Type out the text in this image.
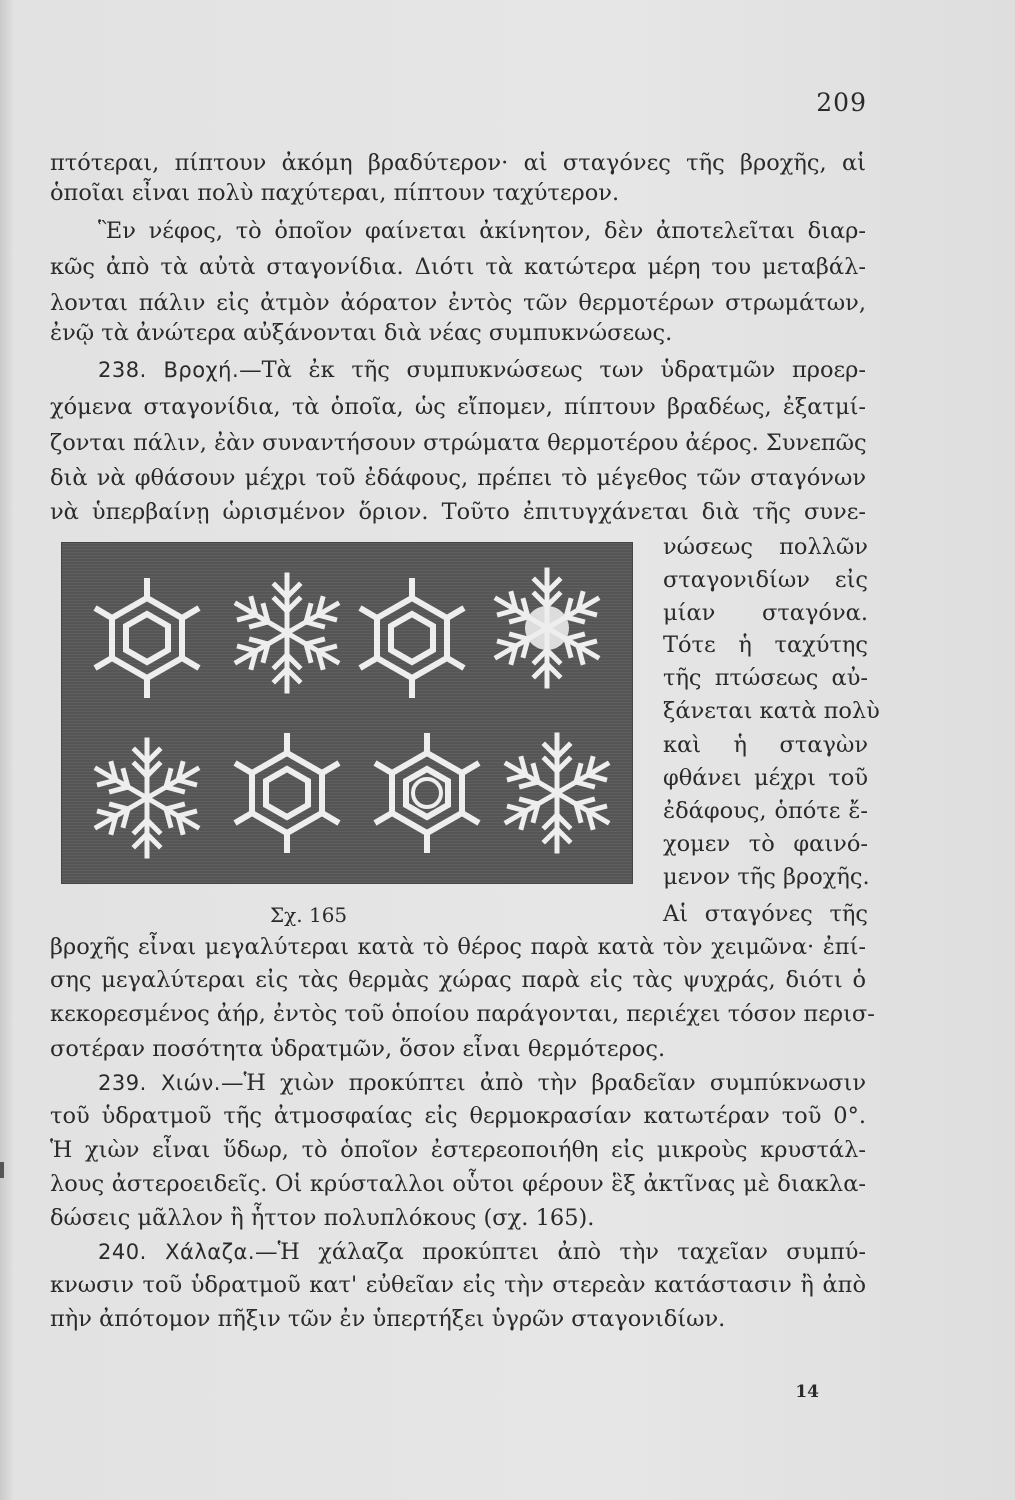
209
πτότεραι, πίπτουν ἀκόμη βραδύτερον· αἱ σταγόνες τῆς βροχῆς, αἱ
ὁποῖαι εἶναι πολὺ παχύτεραι, πίπτουν ταχύτερον.
Ἓν νέφος, τὸ ὁποῖον φαίνεται ἀκίνητον, δὲν ἀποτελεῖται διαρ-
κῶς ἀπὸ τὰ αὐτὰ σταγονίδια. Διότι τὰ κατώτερα μέρη του μεταβάλ-
λονται πάλιν εἰς ἀτμὸν ἀόρατον ἐντὸς τῶν θερμοτέρων στρωμάτων,
ἐνῷ τὰ ἀνώτερα αὐξάνονται διὰ νέας συμπυκνώσεως.
238. Βροχή.—Τὰ ἐκ τῆς συμπυκνώσεως των ὑδρατμῶν προερ-
χόμενα σταγονίδια, τὰ ὁποῖα, ὡς εἴπομεν, πίπτουν βραδέως, ἐξατμί-
ζονται πάλιν, ἐὰν συναντήσουν στρώματα θερμοτέρου ἀέρος. Συνεπῶς
διὰ νὰ φθάσουν μέχρι τοῦ ἐδάφους, πρέπει τὸ μέγεθος τῶν σταγόνων
νὰ ὑπερβαίνῃ ὡρισμένον ὅριον. Τοῦτο ἐπιτυγχάνεται διὰ τῆς συνε-
νώσεως πολλῶν
σταγονιδίων εἰς
μίαν σταγόνα.
Τότε ἡ ταχύτης
τῆς πτώσεως αὐ-
ξάνεται κατὰ πολὺ
καὶ ἡ σταγὼν
φθάνει μέχρι τοῦ
ἐδάφους, ὁπότε ἔ-
χομεν τὸ φαινό-
μενον τῆς βροχῆς.
Αἱ σταγόνες τῆς
Σχ. 165
βροχῆς εἶναι μεγαλύτεραι κατὰ τὸ θέρος παρὰ κατὰ τὸν χειμῶνα· ἐπί-
σης μεγαλύτεραι εἰς τὰς θερμὰς χώρας παρὰ εἰς τὰς ψυχράς, διότι ὁ
κεκορεσμένος ἀήρ, ἐντὸς τοῦ ὁποίου παράγονται, περιέχει τόσον περισ-
σοτέραν ποσότητα ὑδρατμῶν, ὅσον εἶναι θερμότερος.
239. Χιών.—Ἡ χιὼν προκύπτει ἀπὸ τὴν βραδεῖαν συμπύκνωσιν
τοῦ ὑδρατμοῦ τῆς ἀτμοσφαίας εἰς θερμοκρασίαν κατωτέραν τοῦ 0°.
Ἡ χιὼν εἶναι ὕδωρ, τὸ ὁποῖον ἐστερεοποιήθη εἰς μικροὺς κρυστάλ-
λους ἀστεροειδεῖς. Οἱ κρύσταλλοι οὗτοι φέρουν ἓξ ἀκτῖνας μὲ διακλα-
δώσεις μᾶλλον ἢ ἧττον πολυπλόκους (σχ. 165).
240. Χάλαζα.—Ἡ χάλαζα προκύπτει ἀπὸ τὴν ταχεῖαν συμπύ-
κνωσιν τοῦ ὑδρατμοῦ κατ' εὐθεῖαν εἰς τὴν στερεὰν κατάστασιν ἢ ἀπὸ
πὴν ἀπότομον πῆξιν τῶν ἐν ὑπερτήξει ὑγρῶν σταγονιδίων.
14
